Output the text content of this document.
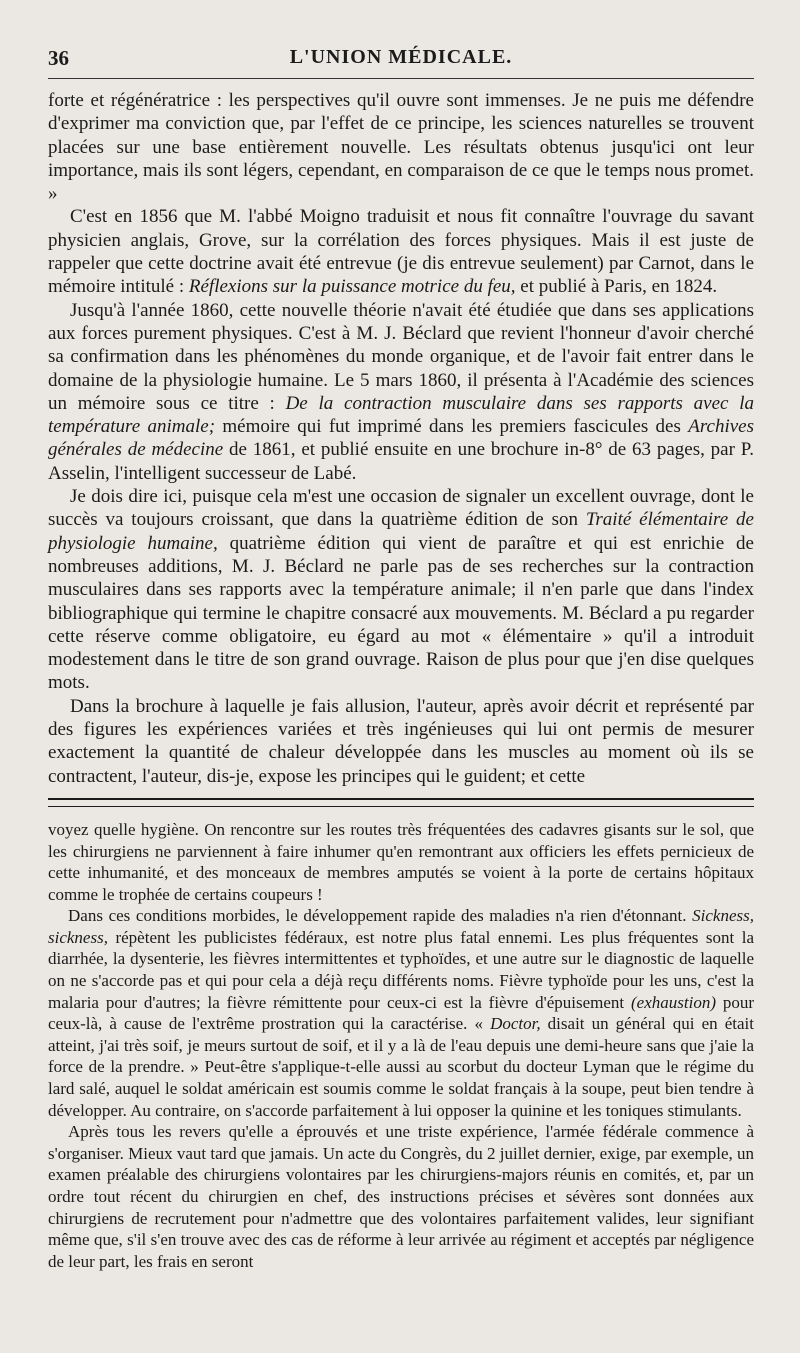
36	L'UNION MÉDICALE.

forte et régénératrice : les perspectives qu'il ouvre sont immenses. Je ne puis me défendre d'exprimer ma conviction que, par l'effet de ce principe, les sciences naturelles se trouvent placées sur une base entièrement nouvelle. Les résultats obtenus jusqu'ici ont leur importance, mais ils sont légers, cependant, en comparaison de ce que le temps nous promet. »

C'est en 1856 que M. l'abbé Moigno traduisit et nous fit connaître l'ouvrage du savant physicien anglais, Grove, sur la corrélation des forces physiques. Mais il est juste de rappeler que cette doctrine avait été entrevue (je dis entrevue seulement) par Carnot, dans le mémoire intitulé : Réflexions sur la puissance motrice du feu, et publié à Paris, en 1824.

Jusqu'à l'année 1860, cette nouvelle théorie n'avait été étudiée que dans ses applications aux forces purement physiques. C'est à M. J. Béclard que revient l'honneur d'avoir cherché sa confirmation dans les phénomènes du monde organique, et de l'avoir fait entrer dans le domaine de la physiologie humaine. Le 5 mars 1860, il présenta à l'Académie des sciences un mémoire sous ce titre : De la contraction musculaire dans ses rapports avec la température animale; mémoire qui fut imprimé dans les premiers fascicules des Archives générales de médecine de 1861, et publié ensuite en une brochure in-8° de 63 pages, par P. Asselin, l'intelligent successeur de Labé.

Je dois dire ici, puisque cela m'est une occasion de signaler un excellent ouvrage, dont le succès va toujours croissant, que dans la quatrième édition de son Traité élémentaire de physiologie humaine, quatrième édition qui vient de paraître et qui est enrichie de nombreuses additions, M. J. Béclard ne parle pas de ses recherches sur la contraction musculaires dans ses rapports avec la température animale; il n'en parle que dans l'index bibliographique qui termine le chapitre consacré aux mouvements. M. Béclard a pu regarder cette réserve comme obligatoire, eu égard au mot « élémentaire » qu'il a introduit modestement dans le titre de son grand ouvrage. Raison de plus pour que j'en dise quelques mots.

Dans la brochure à laquelle je fais allusion, l'auteur, après avoir décrit et représenté par des figures les expériences variées et très ingénieuses qui lui ont permis de mesurer exactement la quantité de chaleur développée dans les muscles au moment où ils se contractent, l'auteur, dis-je, expose les principes qui le guident; et cette

voyez quelle hygiène. On rencontre sur les routes très fréquentées des cadavres gisants sur le sol, que les chirurgiens ne parviennent à faire inhumer qu'en remontrant aux officiers les effets pernicieux de cette inhumanité, et des monceaux de membres amputés se voient à la porte de certains hôpitaux comme le trophée de certains coupeurs !

Dans ces conditions morbides, le développement rapide des maladies n'a rien d'étonnant. Sickness, sickness, répètent les publicistes fédéraux, est notre plus fatal ennemi. Les plus fréquentes sont la diarrhée, la dysenterie, les fièvres intermittentes et typhoïdes, et une autre sur le diagnostic de laquelle on ne s'accorde pas et qui pour cela a déjà reçu différents noms. Fièvre typhoïde pour les uns, c'est la malaria pour d'autres; la fièvre rémittente pour ceux-ci est la fièvre d'épuisement (exhaustion) pour ceux-là, à cause de l'extrême prostration qui la caractérise. « Doctor, disait un général qui en était atteint, j'ai très soif, je meurs surtout de soif, et il y a là de l'eau depuis une demi-heure sans que j'aie la force de la prendre. » Peut-être s'applique-t-elle aussi au scorbut du docteur Lyman que le régime du lard salé, auquel le soldat américain est soumis comme le soldat français à la soupe, peut bien tendre à développer. Au contraire, on s'accorde parfaitement à lui opposer la quinine et les toniques stimulants.

Après tous les revers qu'elle a éprouvés et une triste expérience, l'armée fédérale commence à s'organiser. Mieux vaut tard que jamais. Un acte du Congrès, du 2 juillet dernier, exige, par exemple, un examen préalable des chirurgiens volontaires par les chirurgiens-majors réunis en comités, et, par un ordre tout récent du chirurgien en chef, des instructions précises et sévères sont données aux chirurgiens de recrutement pour n'admettre que des volontaires parfaitement valides, leur signifiant même que, s'il s'en trouve avec des cas de réforme à leur arrivée au régiment et acceptés par négligence de leur part, les frais en seront
